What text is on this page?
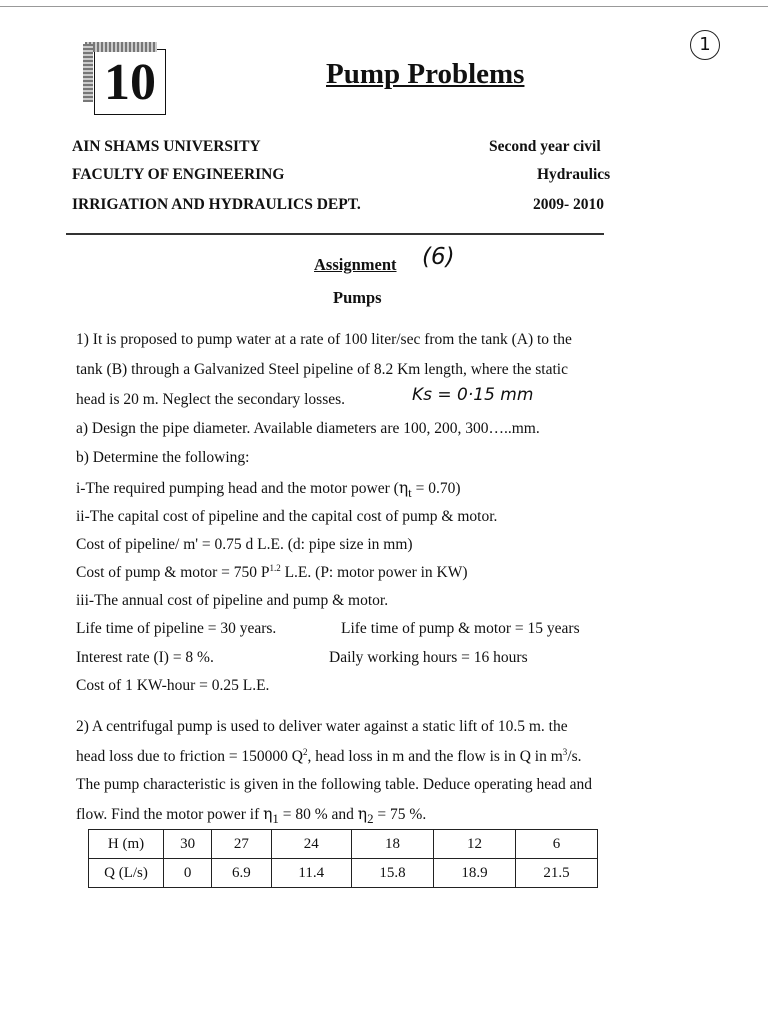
1
10	Pump Problems
AIN SHAMS UNIVERSITY
FACULTY OF ENGINEERING
IRRIGATION AND HYDRAULICS DEPT.
Second year civil
Hydraulics
2009- 2010
Assignment (6)
Pumps
1) It is proposed to pump water at a rate of 100 liter/sec from the tank (A) to the
tank (B) through a Galvanized Steel pipeline of 8.2 Km length, where the static
head is 20 m. Neglect the secondary losses.	Ks = 0·15 mm
a) Design the pipe diameter. Available diameters are 100, 200, 300…..mm.
b) Determine the following:
i-The required pumping head and the motor power $(\eta_t = 0.70)$
ii-The capital cost of pipeline and the capital cost of pump & motor.
Cost of pipeline/ m' = 0.75 d L.E. (d: pipe size in mm)
Cost of pump & motor = 750 $P^{1.2}$ L.E. (P: motor power in KW)
iii-The annual cost of pipeline and pump & motor.
Life time of pipeline = 30 years.	Life time of pump & motor = 15 years
Interest rate (I) = 8 %.	Daily working hours = 16 hours
Cost of 1 KW-hour = 0.25 L.E.
2) A centrifugal pump is used to deliver water against a static lift of 10.5 m. the
head loss due to friction = 150000 $Q^2$, head loss in m and the flow is in Q in $m^3/s$.
The pump characteristic is given in the following table. Deduce operating head and
flow. Find the motor power if $\eta_1 = 80$ % and $\eta_2 = 75$ %.
H (m)	30	27	24	18	12	6
Q (L/s)	0	6.9	11.4	15.8	18.9	21.5
